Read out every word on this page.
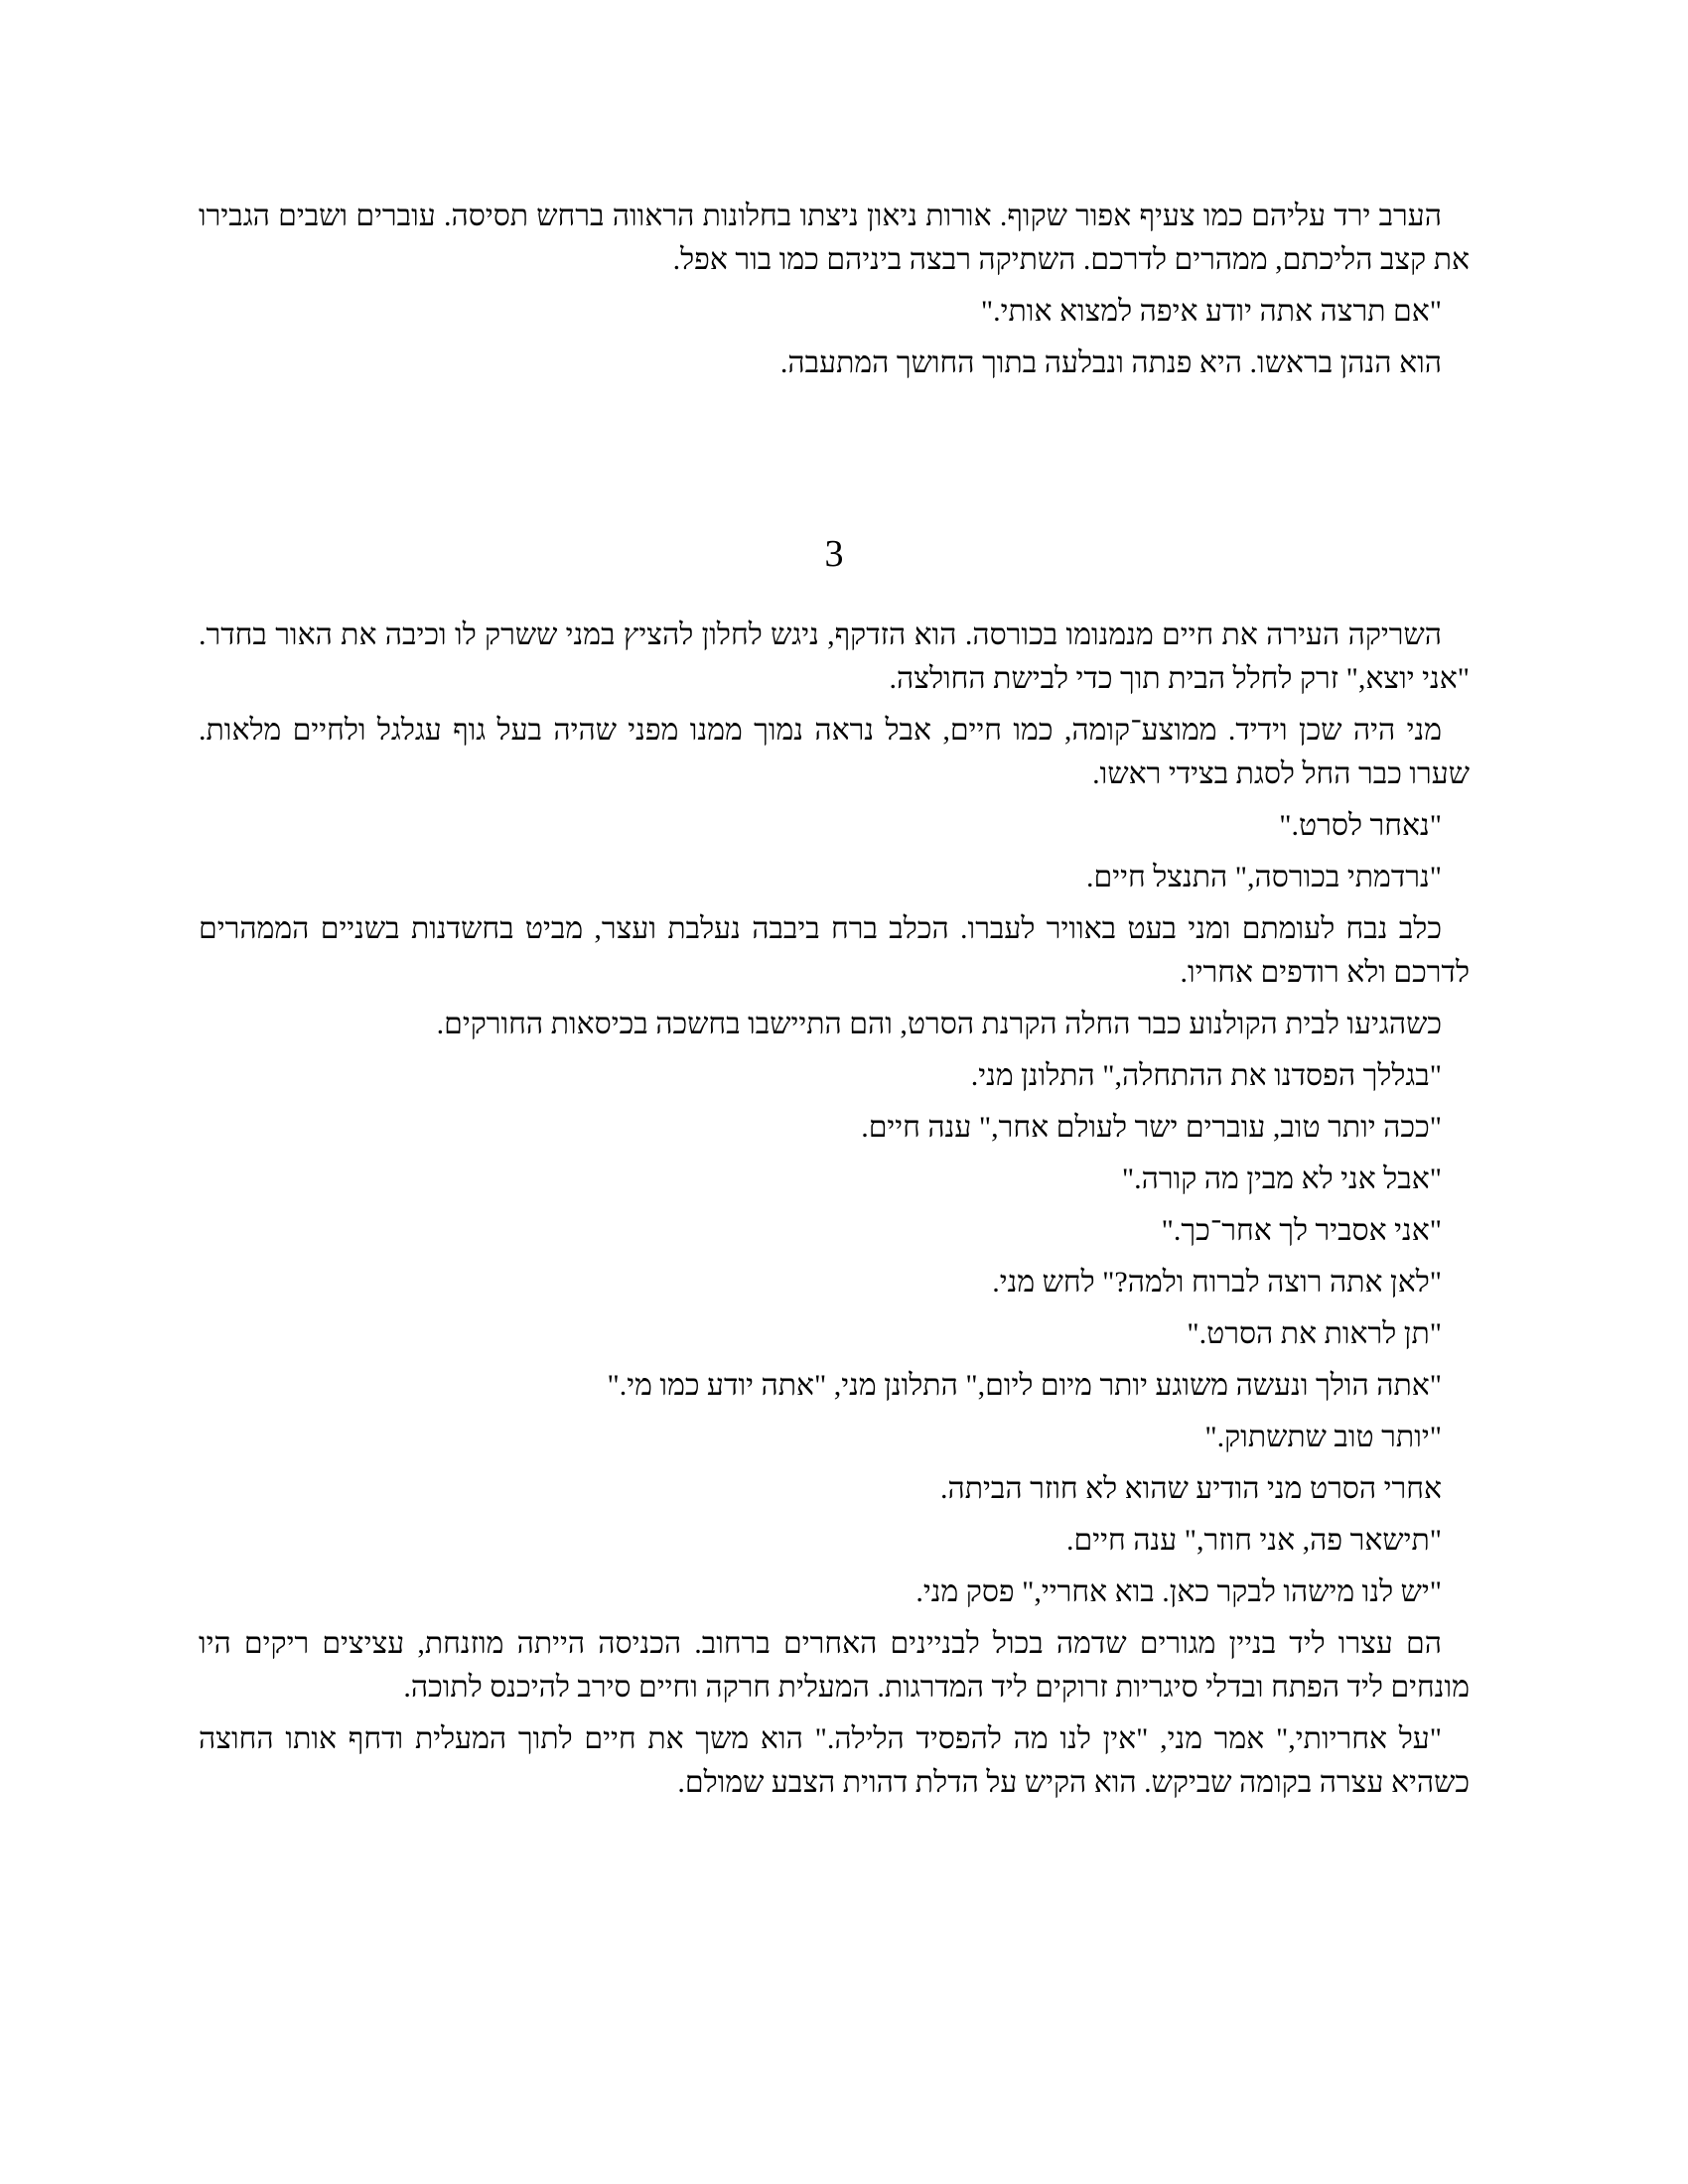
הערב ירד עליהם כמו צעיף אפור שקוף. אורות ניאון ניצתו בחלונות הראווה ברחש תסיסה. עוברים ושבים הגבירו את קצב הליכתם, ממהרים לדרכם. השתיקה רבצה ביניהם כמו בור אפל.

"אם תרצה אתה יודע איפה למצוא אותי."

הוא הנהן בראשו. היא פנתה ונבלעה בתוך החושך המתעבה.

3

השריקה העירה את חיים מנמנומו בכורסה. הוא הזדקף, ניגש לחלון להציץ במני ששרק לו וכיבה את האור בחדר. "אני יוצא," זרק לחלל הבית תוך כדי לבישת החולצה.

מני היה שכן וידיד. ממוצע־קומה, כמו חיים, אבל נראה נמוך ממנו מפני שהיה בעל גוף עגלגל ולחיים מלאות. שערו כבר החל לסגת בצידי ראשו.

"נאחר לסרט."

"נרדמתי בכורסה," התנצל חיים.

כלב נבח לעומתם ומני בעט באוויר לעברו. הכלב ברח ביבבה נעלבת ועצר, מביט בחשדנות בשניים הממהרים לדרכם ולא רודפים אחריו.

כשהגיעו לבית הקולנוע כבר החלה הקרנת הסרט, והם התיישבו בחשכה בכיסאות החורקים.

"בגללך הפסדנו את ההתחלה," התלונן מני.

"ככה יותר טוב, עוברים ישר לעולם אחר," ענה חיים.

"אבל אני לא מבין מה קורה."

"אני אסביר לך אחר־כך."

"לאן אתה רוצה לברוח ולמה?" לחש מני.

"תן לראות את הסרט."

"אתה הולך ונעשה משוגע יותר מיום ליום," התלונן מני, "אתה יודע כמו מי."

"יותר טוב שתשתוק."

אחרי הסרט מני הודיע שהוא לא חוזר הביתה.

"תישאר פה, אני חוזר," ענה חיים.

"יש לנו מישהו לבקר כאן. בוא אחריי," פסק מני.

הם עצרו ליד בניין מגורים שדמה בכול לבניינים האחרים ברחוב. הכניסה הייתה מוזנחת, עציצים ריקים היו מונחים ליד הפתח ובדלי סיגריות זרוקים ליד המדרגות. המעלית חרקה וחיים סירב להיכנס לתוכה.

"על אחריותי," אמר מני, "אין לנו מה להפסיד הלילה." הוא משך את חיים לתוך המעלית ודחף אותו החוצה כשהיא עצרה בקומה שביקש. הוא הקיש על הדלת דהוית הצבע שמולם.
